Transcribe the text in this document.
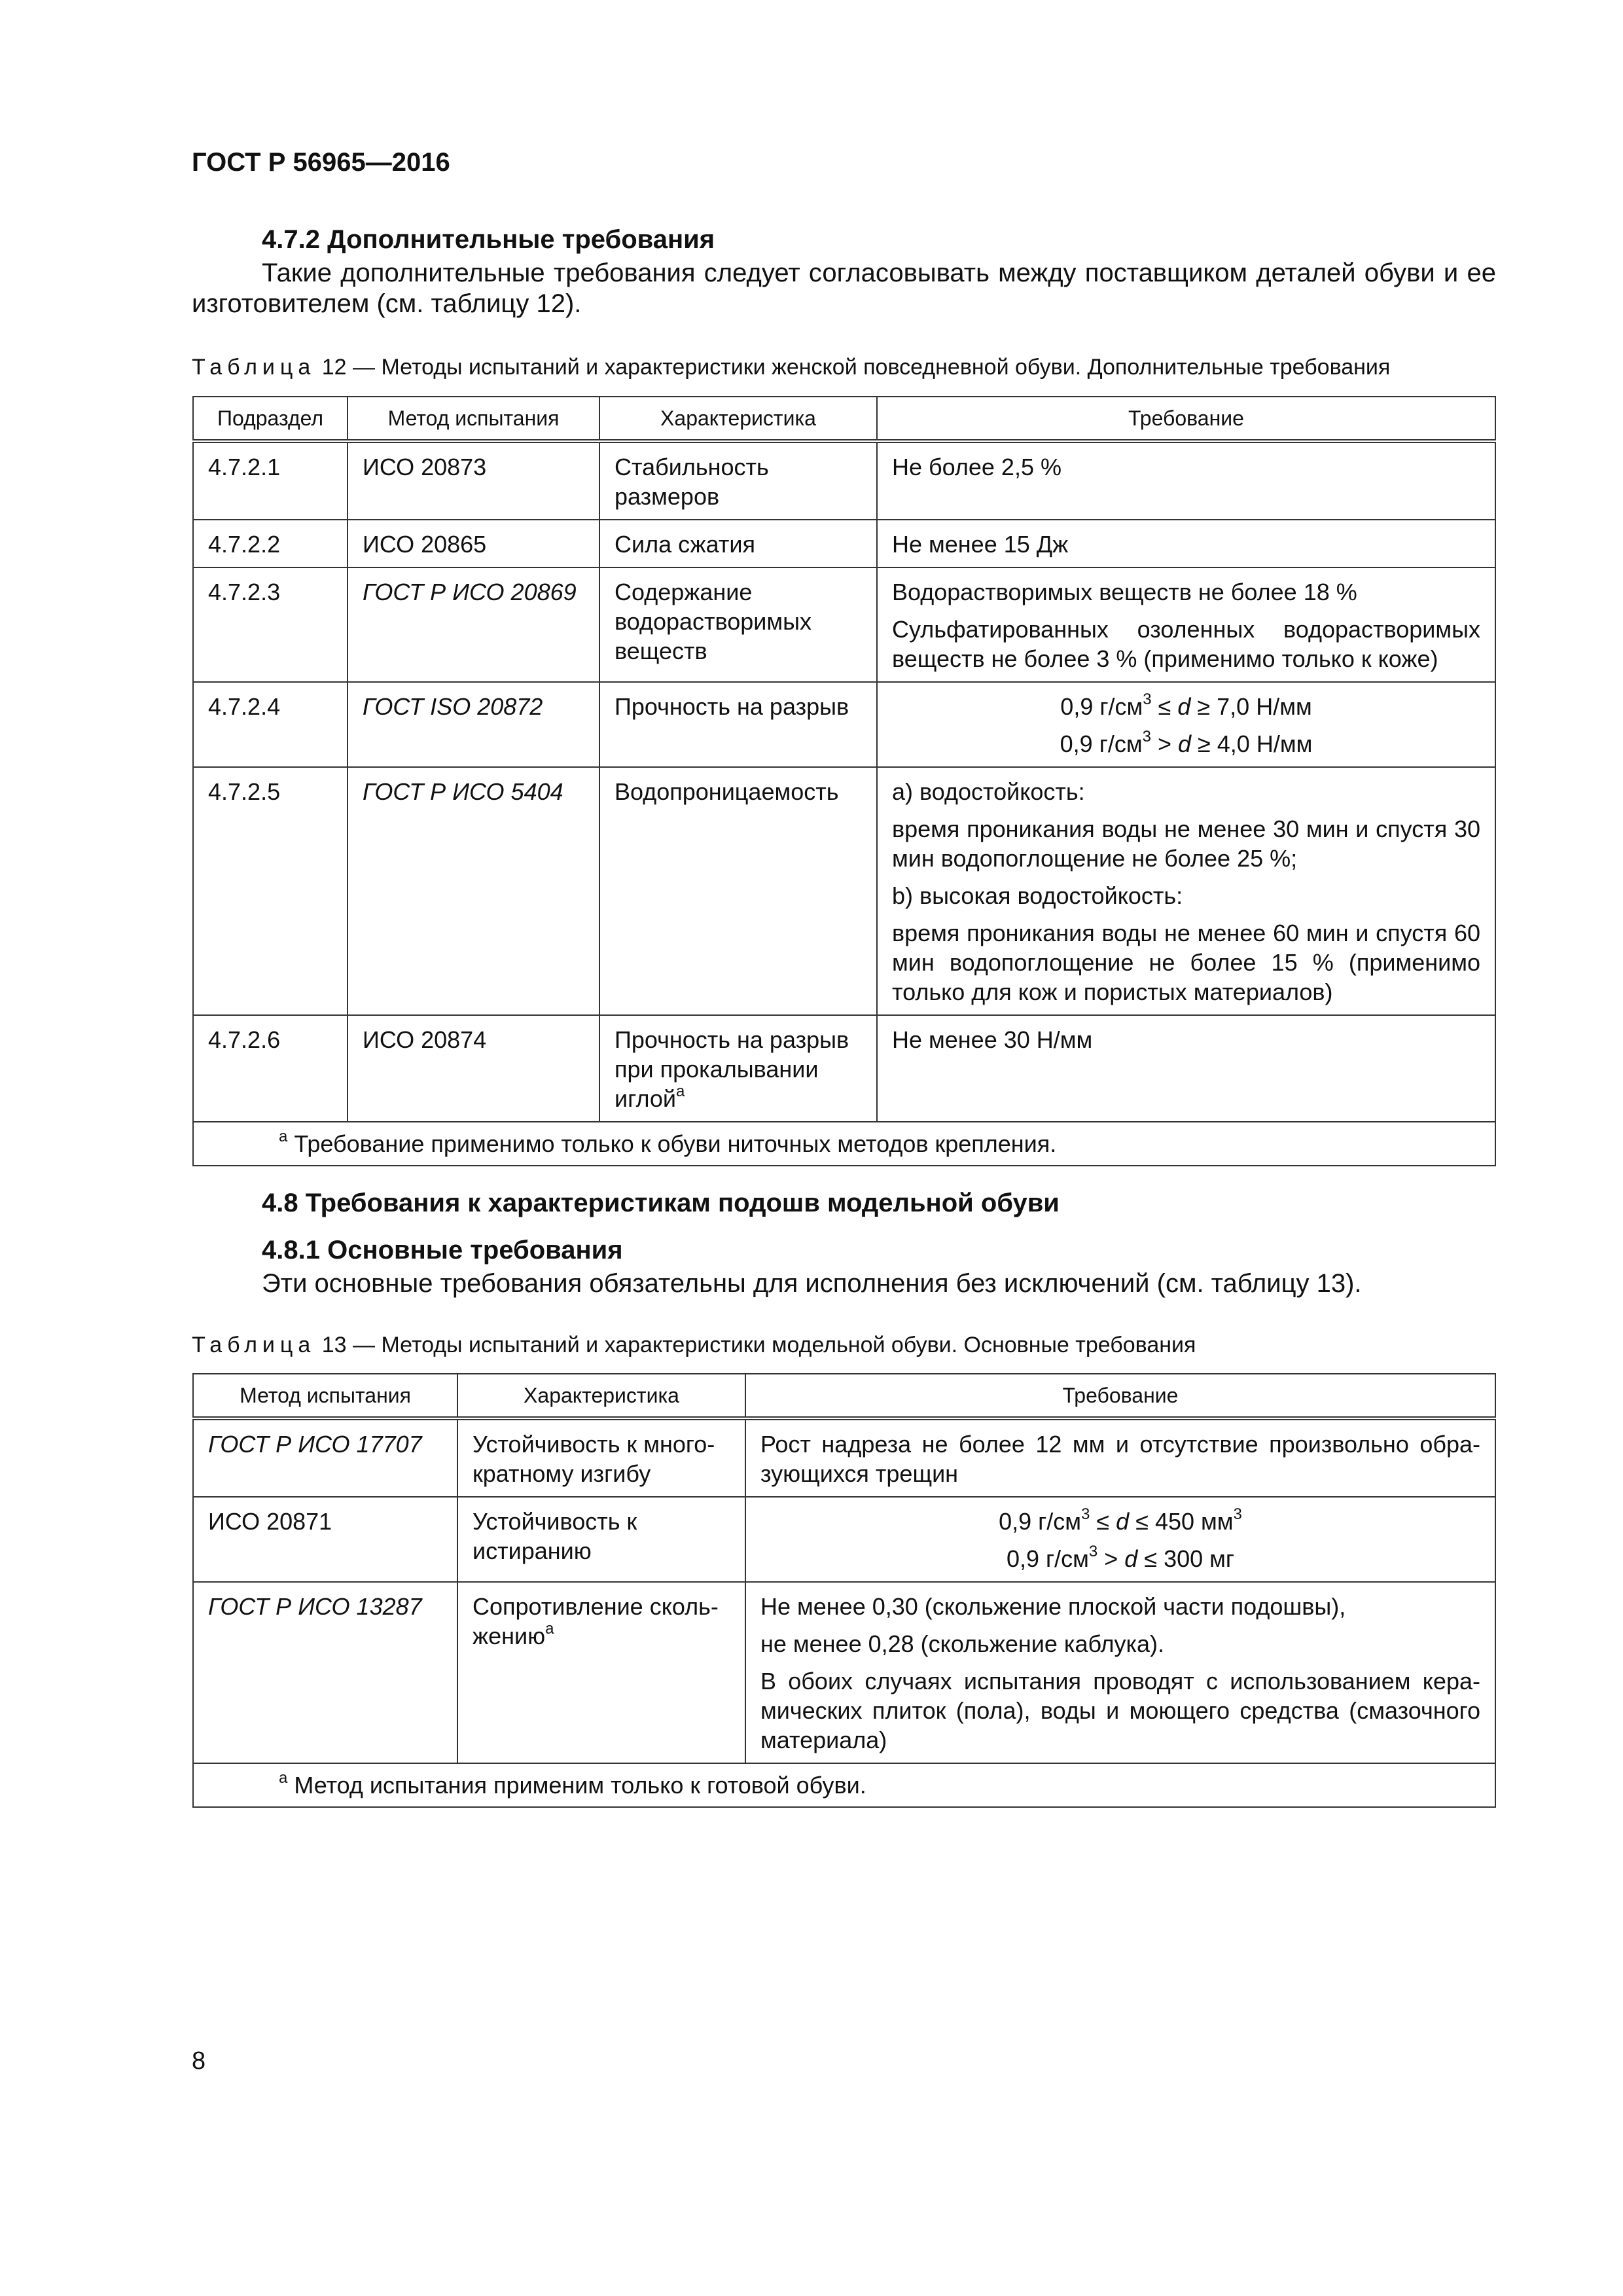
ГОСТ Р 56965—2016
4.7.2 Дополнительные требования
Такие дополнительные требования следует согласовывать между поставщиком деталей обуви и ее изготовителем (см. таблицу 12).
Таблица 12 — Методы испытаний и характеристики женской повседневной обуви. Дополнительные требования
Подраздел	Метод испытания	Характеристика	Требование
4.7.2.1	ИСО 20873	Стабильность размеров	Не более 2,5 %

4.7.2.2	ИСО 20865	Сила сжатия	Не менее 15 Дж

4.7.2.3	ГОСТ Р ИСО 20869	Содержание водорастворимых веществ	Водорастворимых веществ не более 18 %

Сульфатированных озоленных водорастворимых веществ не более 3 % (применимо только к коже)

4.7.2.4	ГОСТ ISO 20872	Прочность на разрыв	0,9 $г/см^3 \le d \ge 7,0$ Н/мм

0,9 $г/см^3 > d \ge 4,0$ Н/мм

4.7.2.5	ГОСТ Р ИСО 5404	Водопроницаемость	a) водостойкость:

время проникания воды не менее 30 мин и спустя 30 мин водопоглощение не более 25 %;

b) высокая водостойкость:

время проникания воды не менее 60 мин и спустя 60 мин водопоглощение не более 15 % (применимо только для кож и пористых материалов)

4.7.2.6	ИСО 20874	Прочность на разрыв при прокалывании иглой$^a$	Не менее 30 Н/мм

$^a$ Требование применимо только к обуви ниточных методов крепления.			
4.8 Требования к характеристикам подошв модельной обуви
4.8.1 Основные требования
Эти основные требования обязательны для исполнения без исключений (см. таблицу 13).
Таблица 13 — Методы испытаний и характеристики модельной обуви. Основные требования
Метод испытания	Характеристика	Требование
ГОСТ Р ИСО 17707	Устойчивость к много-кратному изгибу	Рост надреза не более 12 мм и отсутствие произвольно обра-зующихся трещин

ИСО 20871	Устойчивость к истиранию	0,9 $г/см^3 \le d \le 450$ $мм^3$

0,9 $г/см^3 > d \le 300$ мг

ГОСТ Р ИСО 13287	Сопротивление сколь-жению$^a$	Не менее 0,30 (скольжение плоской части подошвы),

не менее 0,28 (скольжение каблука).

В обоих случаях испытания проводят с использованием кера-мических плиток (пола), воды и моющего средства (смазочного материала)

$^a$ Метод испытания применим только к готовой обуви.		
8
